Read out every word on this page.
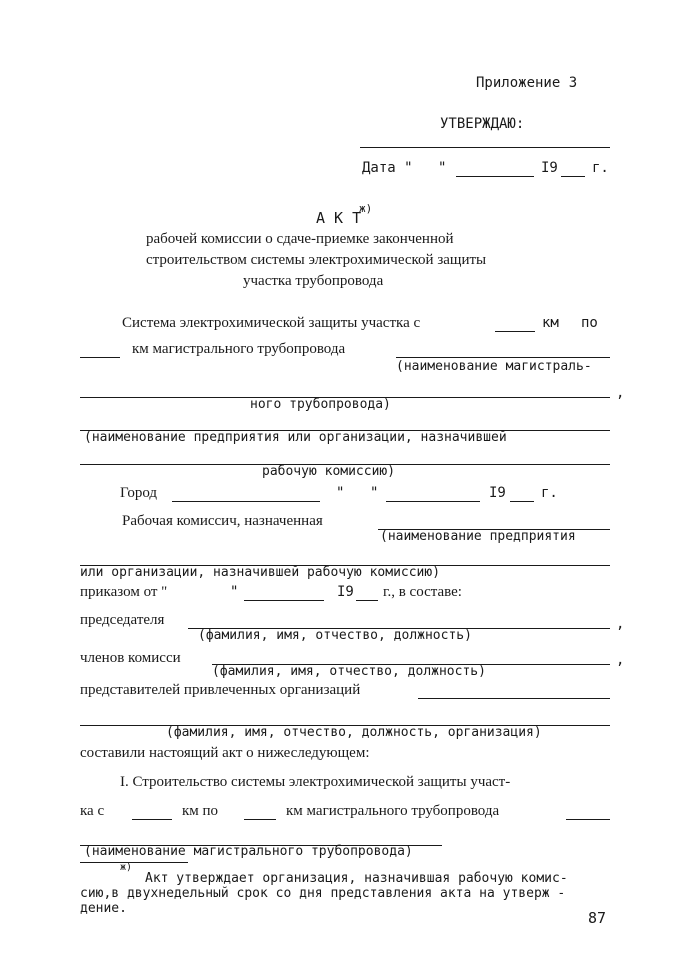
Приложение 3
УТВЕРЖДАЮ:
Дата " "	I9 г.
А К Т
ж)
рабочей комиссии о сдаче-приемке законченной
строительством системы электрохимической защиты
участка трубопровода
Система электрохимической защиты участка с	км по
км магистрального трубопровода
(наименование магистраль-
ного трубопровода)
,
(наименование предприятия или организации, назначившей
рабочую комиссию)
Город	" "	I9	г.
Рабочая комиссич, назначенная
(наименование предприятия
или организации, назначившей рабочую комиссию)
приказом от "	"	I9 г., в составе:
председателя
(фамилия, имя, отчество, должность)
,
членов комисси
(фамилия, имя, отчество, должность)
,
представителей привлеченных организаций
(фамилия, имя, отчество, должность, организация)
составили настоящий акт о нижеследующем:
I. Строительство системы электрохимической защиты участ-
ка с	км по	км магистрального трубопровода
(наименование магистрального трубопровода)
ж)
Акт утверждает организация, назначившая рабочую комис-
сию,в двухнедельный срок со дня представления акта на утверж -
дение.
87
